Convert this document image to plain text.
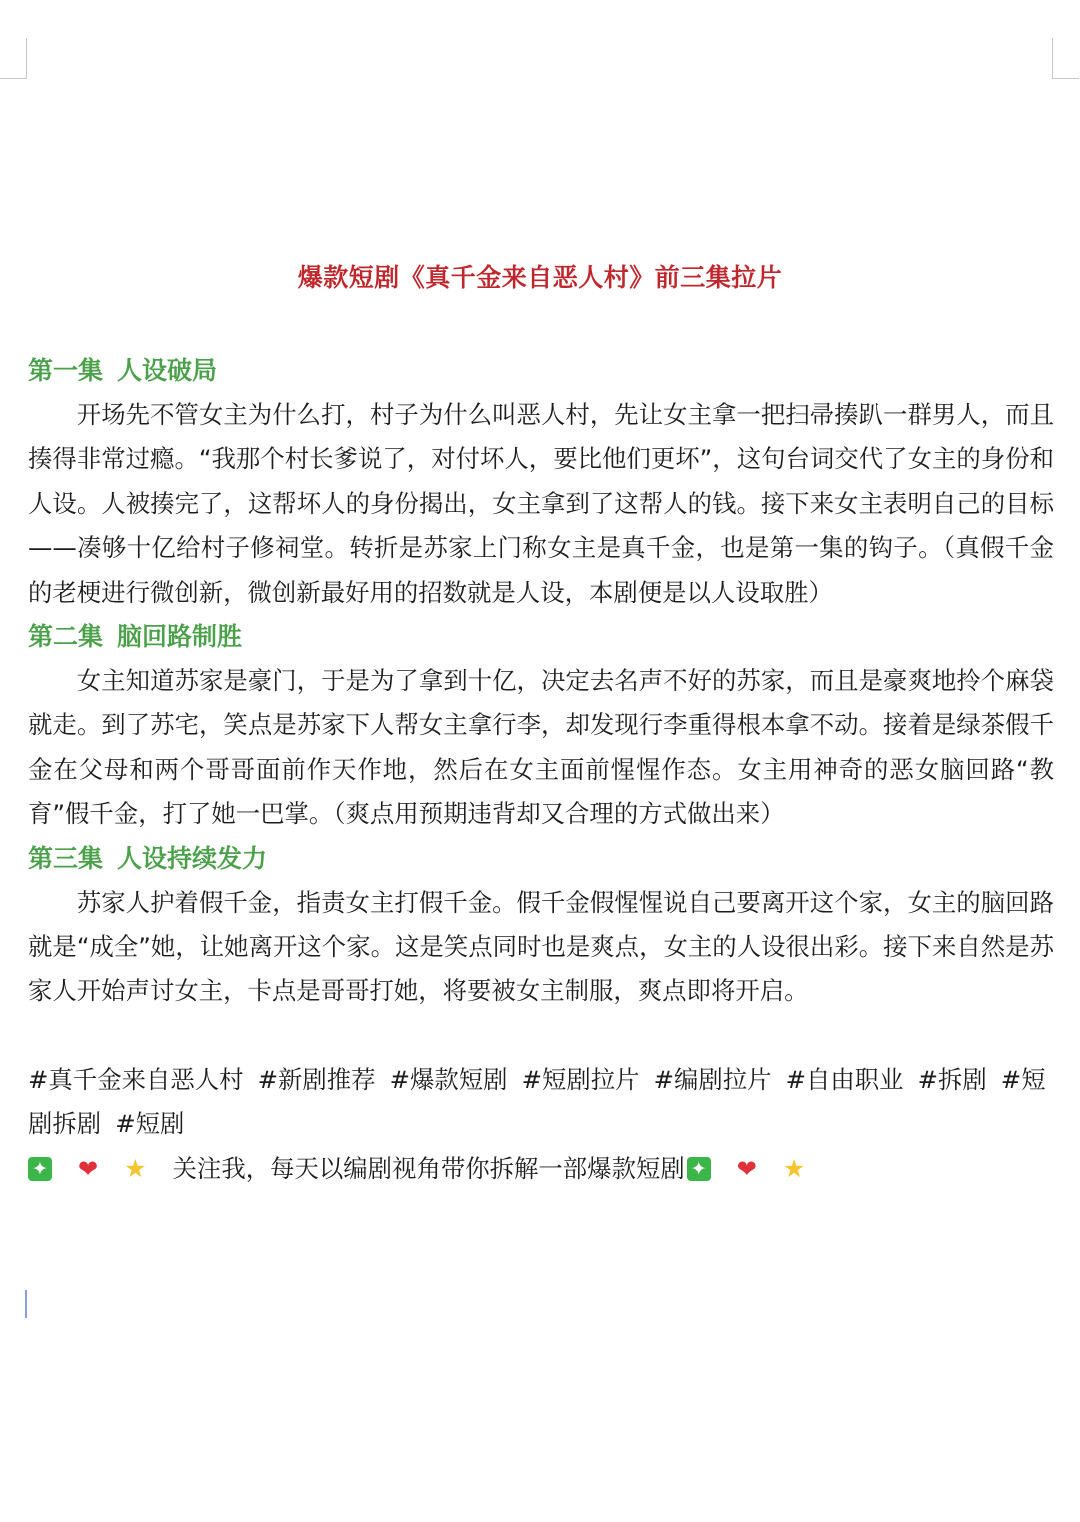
爆款短剧《真千金来自恶人村》前三集拉片
第一集 人设破局

开场先不管女主为什么打，村子为什么叫恶人村，先让女主拿一把扫帚揍趴一群男人，而且揍得非常过瘾。“我那个村长爹说了，对付坏人，要比他们更坏”，这句台词交代了女主的身份和人设。人被揍完了，这帮坏人的身份揭出，女主拿到了这帮人的钱。接下来女主表明自己的目标——凑够十亿给村子修祠堂。转折是苏家上门称女主是真千金，也是第一集的钩子。（真假千金的老梗进行微创新，微创新最好用的招数就是人设，本剧便是以人设取胜）

第二集 脑回路制胜

女主知道苏家是豪门，于是为了拿到十亿，决定去名声不好的苏家，而且是豪爽地拎个麻袋就走。到了苏宅，笑点是苏家下人帮女主拿行李，却发现行李重得根本拿不动。接着是绿茶假千金在父母和两个哥哥面前作天作地，然后在女主面前惺惺作态。女主用神奇的恶女脑回路“教育”假千金，打了她一巴掌。（爽点用预期违背却又合理的方式做出来）

第三集 人设持续发力

苏家人护着假千金，指责女主打假千金。假千金假惺惺说自己要离开这个家，女主的脑回路就是“成全”她，让她离开这个家。这是笑点同时也是爽点，女主的人设很出彩。接下来自然是苏家人开始声讨女主，卡点是哥哥打她，将要被女主制服，爽点即将开启。

#真千金来自恶人村 #新剧推荐 #爆款短剧 #短剧拉片 #编剧拉片 #自由职业 #拆剧 #短剧拆剧 #短剧

✦ ❤ ★ 关注我，每天以编剧视角带你拆解一部爆款短剧 ✦ ❤ ★
